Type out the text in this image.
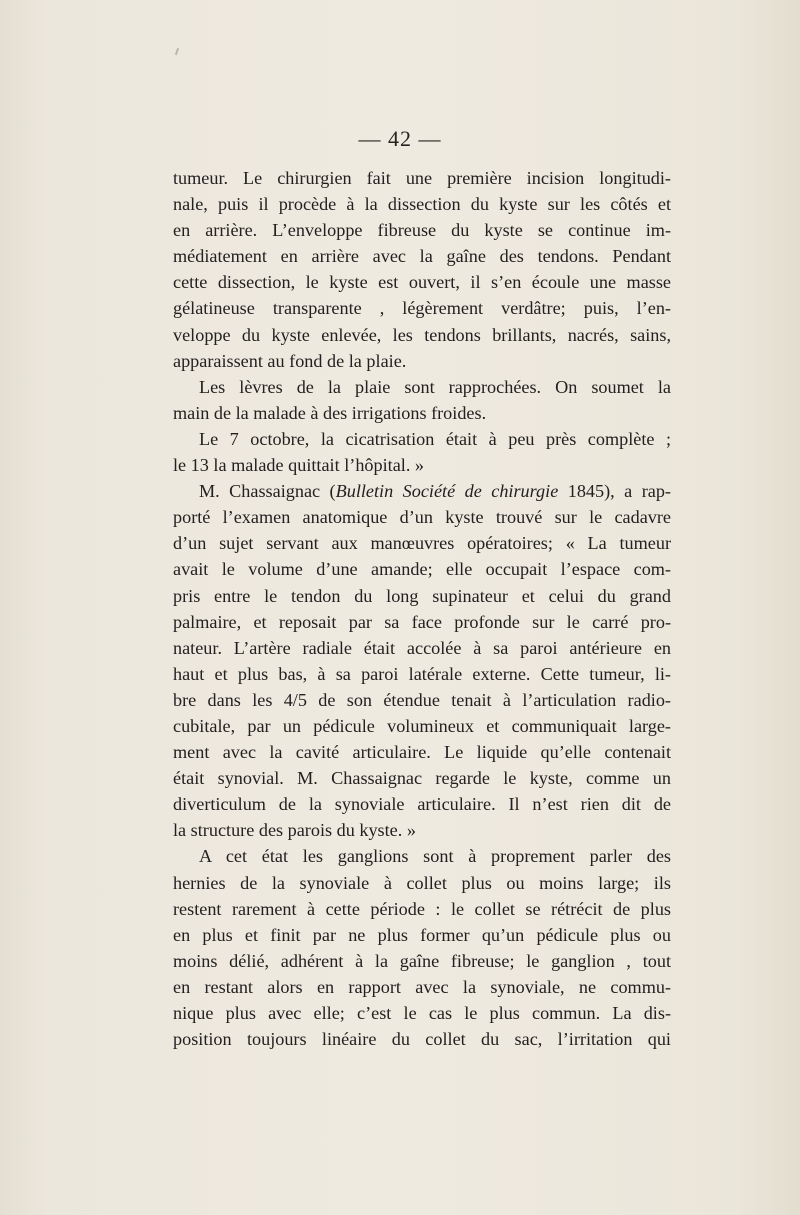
— 42 —
tumeur. Le chirurgien fait une première incision longitudi-
nale, puis il procède à la dissection du kyste sur les côtés et
en arrière. L’enveloppe fibreuse du kyste se continue im-
médiatement en arrière avec la gaîne des tendons. Pendant
cette dissection, le kyste est ouvert, il s’en écoule une masse
gélatineuse transparente , légèrement verdâtre; puis, l’en-
veloppe du kyste enlevée, les tendons brillants, nacrés, sains,
apparaissent au fond de la plaie.
Les lèvres de la plaie sont rapprochées. On soumet la
main de la malade à des irrigations froides.
Le 7 octobre, la cicatrisation était à peu près complète ;
le 13 la malade quittait l’hôpital. »
M. Chassaignac (Bulletin Société de chirurgie 1845), a rap-
porté l’examen anatomique d’un kyste trouvé sur le cadavre
d’un sujet servant aux manœuvres opératoires; « La tumeur
avait le volume d’une amande; elle occupait l’espace com-
pris entre le tendon du long supinateur et celui du grand
palmaire, et reposait par sa face profonde sur le carré pro-
nateur. L’artère radiale était accolée à sa paroi antérieure en
haut et plus bas, à sa paroi latérale externe. Cette tumeur, li-
bre dans les 4/5 de son étendue tenait à l’articulation radio-
cubitale, par un pédicule volumineux et communiquait large-
ment avec la cavité articulaire. Le liquide qu’elle contenait
était synovial. M. Chassaignac regarde le kyste, comme un
diverticulum de la synoviale articulaire. Il n’est rien dit de
la structure des parois du kyste. »
A cet état les ganglions sont à proprement parler des
hernies de la synoviale à collet plus ou moins large; ils
restent rarement à cette période : le collet se rétrécit de plus
en plus et finit par ne plus former qu’un pédicule plus ou
moins délié, adhérent à la gaîne fibreuse; le ganglion , tout
en restant alors en rapport avec la synoviale, ne commu-
nique plus avec elle; c’est le cas le plus commun. La dis-
position toujours linéaire du collet du sac, l’irritation qui
